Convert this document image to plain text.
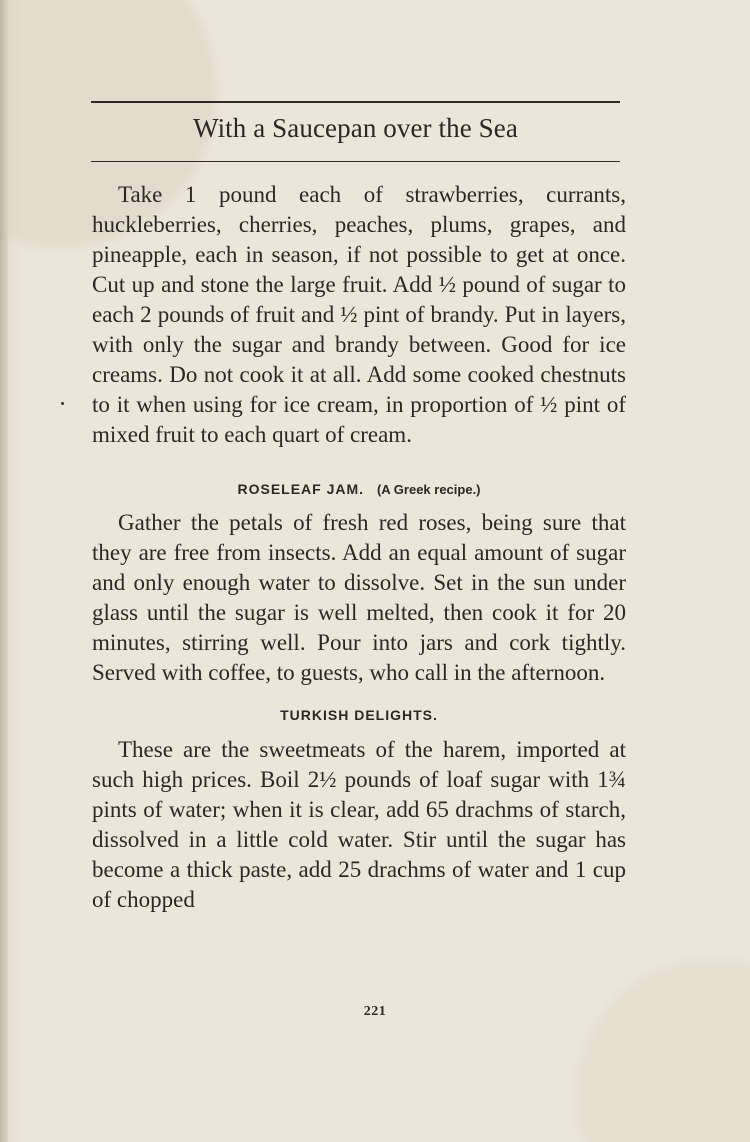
With a Saucepan over the Sea

Take 1 pound each of strawberries, currants, huckleberries, cherries, peaches, plums, grapes, and pineapple, each in season, if not possible to get at once. Cut up and stone the large fruit. Add ½ pound of sugar to each 2 pounds of fruit and ½ pint of brandy. Put in layers, with only the sugar and brandy between. Good for ice creams. Do not cook it at all. Add some cooked chestnuts to it when using for ice cream, in proportion of ½ pint of mixed fruit to each quart of cream.

ROSELEAF JAM. (A Greek recipe.)

Gather the petals of fresh red roses, being sure that they are free from insects. Add an equal amount of sugar and only enough water to dissolve. Set in the sun under glass until the sugar is well melted, then cook it for 20 minutes, stirring well. Pour into jars and cork tightly. Served with coffee, to guests, who call in the afternoon.

TURKISH DELIGHTS.

These are the sweetmeats of the harem, imported at such high prices. Boil 2½ pounds of loaf sugar with 1¾ pints of water; when it is clear, add 65 drachms of starch, dissolved in a little cold water. Stir until the sugar has become a thick paste, add 25 drachms of water and 1 cup of chopped

221
